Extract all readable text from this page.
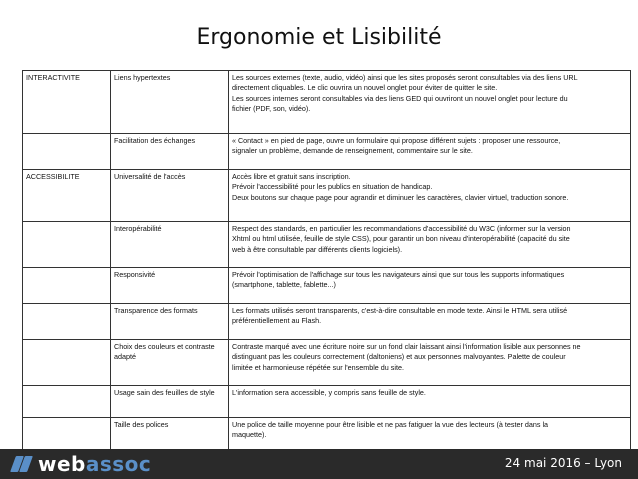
Ergonomie et Lisibilité
INTERACTIVITE	Liens hypertextes	Les sources externes (texte, audio, vidéo) ainsi que les sites proposés seront consultables via des liens URL
directement cliquables. Le clic ouvrira un nouvel onglet pour éviter de quitter le site.
Les sources internes seront consultables via des liens GED qui ouvriront un nouvel onglet pour lecture du
fichier (PDF, son, vidéo).

	Facilitation des échanges	« Contact » en pied de page, ouvre un formulaire qui propose différent sujets : proposer une ressource,
signaler un problème, demande de renseignement, commentaire sur le site.

ACCESSIBILITE	Universalité de l'accès	Accès libre et gratuit sans inscription.
Prévoir l'accessibilité pour les publics en situation de handicap.
Deux boutons sur chaque page pour agrandir et diminuer les caractères, clavier virtuel, traduction sonore.

	Interopérabilité	Respect des standards, en particulier les recommandations d'accessibilité du W3C (informer sur la version
Xhtml ou html utilisée, feuille de style CSS), pour garantir un bon niveau d'interopérabilité (capacité du site
web à être consultable par différents clients logiciels).

	Responsivité	Prévoir l'optimisation de l'affichage sur tous les navigateurs ainsi que sur tous les supports informatiques
(smartphone, tablette, fablette...)

	Transparence des formats	Les formats utilisés seront transparents, c'est-à-dire consultable en mode texte. Ainsi le HTML sera utilisé
préférentiellement au Flash.

	Choix des couleurs et contraste adapté	Contraste marqué avec une écriture noire sur un fond clair laissant ainsi l'information lisible aux personnes ne
distinguant pas les couleurs correctement (daltoniens) et aux personnes malvoyantes. Palette de couleur
limitée et harmonieuse répétée sur l'ensemble du site.

	Usage sain des feuilles de style	L'information sera accessible, y compris sans feuille de style.

	Taille des polices	Une police de taille moyenne pour être lisible et ne pas fatiguer la vue des lecteurs (à tester dans la
maquette).
webassoc	24 mai 2016 – Lyon
